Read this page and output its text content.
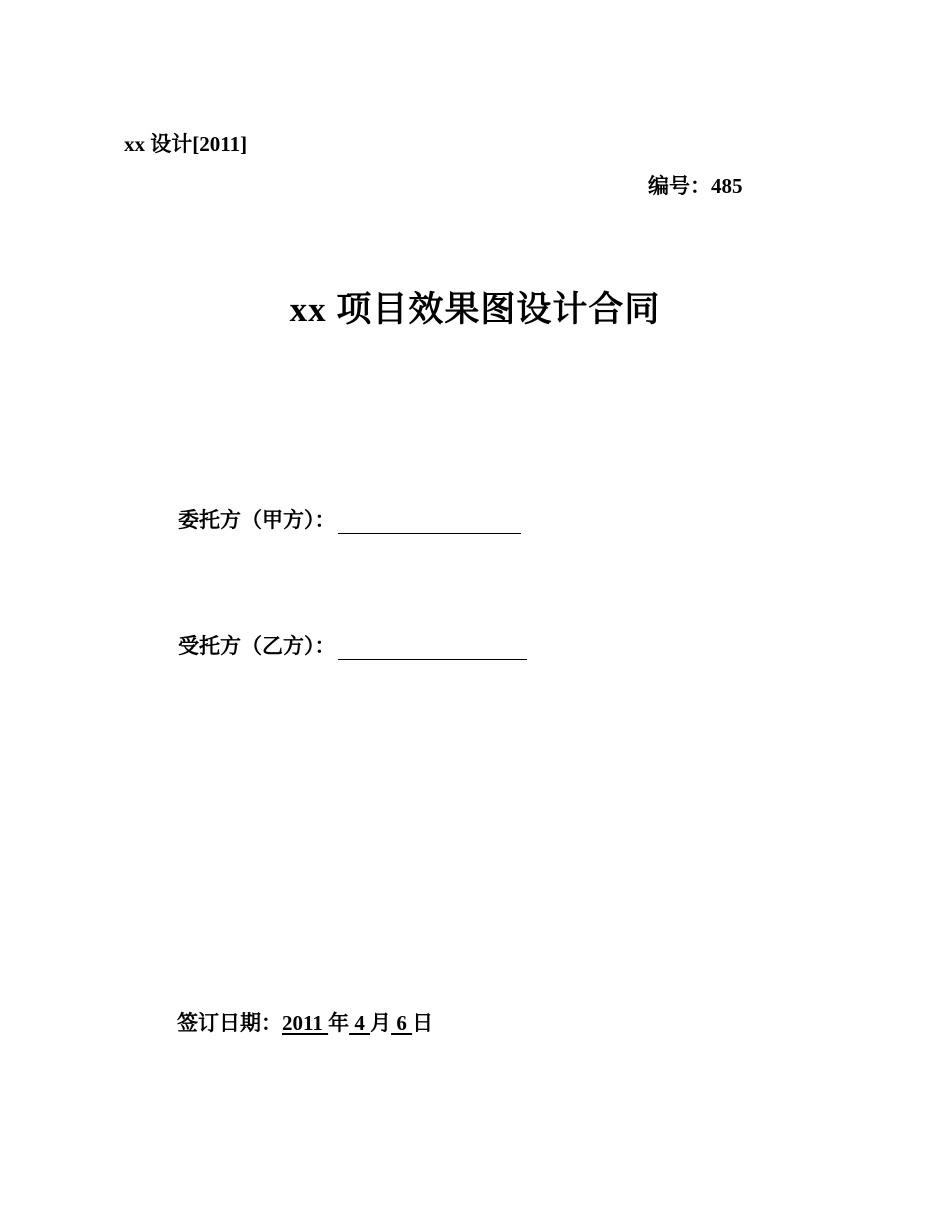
xx 设计[2011]
编号：485
xx 项目效果图设计合同
委托方（甲方）：
受托方（乙方）：
签订日期：2011 年 4 月 6 日
